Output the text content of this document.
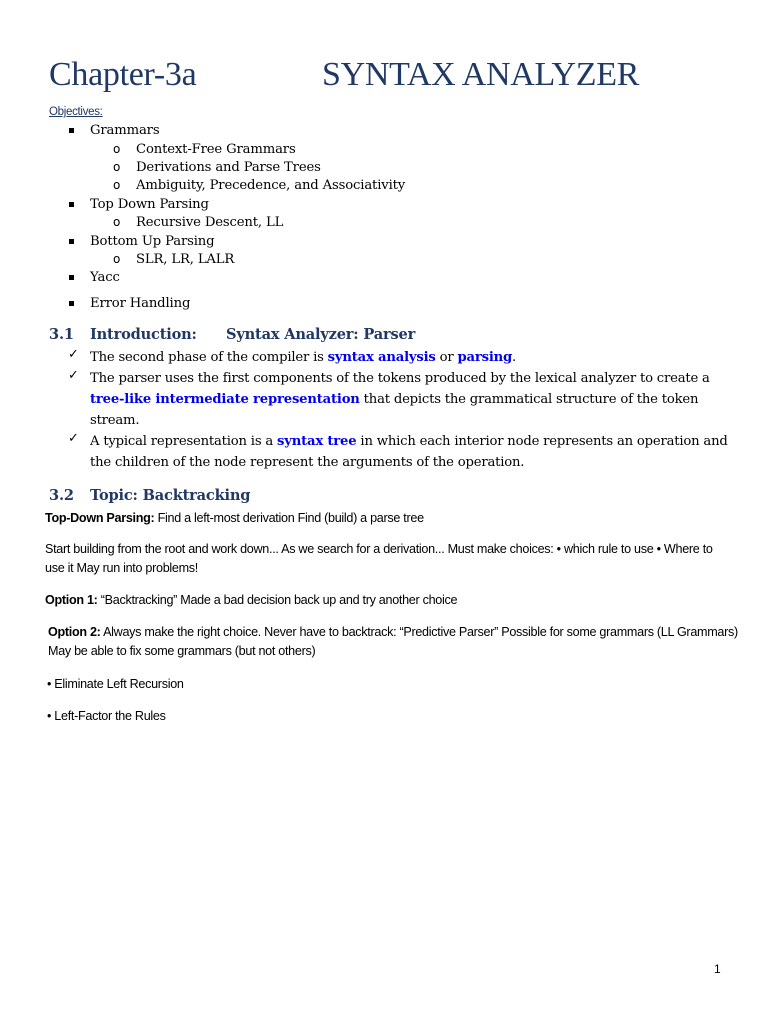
Chapter-3a	SYNTAX ANALYZER
Objectives:
Grammars
o Context-Free Grammars
o Derivations and Parse Trees
o Ambiguity, Precedence, and Associativity
Top Down Parsing
o Recursive Descent, LL
Bottom Up Parsing
o SLR, LR, LALR
Yacc
Error Handling
3.1 Introduction: Syntax Analyzer: Parser
✓ The second phase of the compiler is syntax analysis or parsing.
✓ The parser uses the first components of the tokens produced by the lexical analyzer to create a
tree-like intermediate representation that depicts the grammatical structure of the token stream.
✓ A typical representation is a syntax tree in which each interior node represents an operation and the children of the node represent the arguments of the operation.
3.2 Topic: Backtracking
Top-Down Parsing: Find a left-most derivation Find (build) a parse tree
Start building from the root and work down... As we search for a derivation... Must make choices: • which rule to use • Where to use it May run into problems!
Option 1: “Backtracking” Made a bad decision back up and try another choice
Option 2: Always make the right choice. Never have to backtrack: “Predictive Parser” Possible for some grammars (LL Grammars) May be able to fix some grammars (but not others)
• Eliminate Left Recursion
• Left-Factor the Rules
1
